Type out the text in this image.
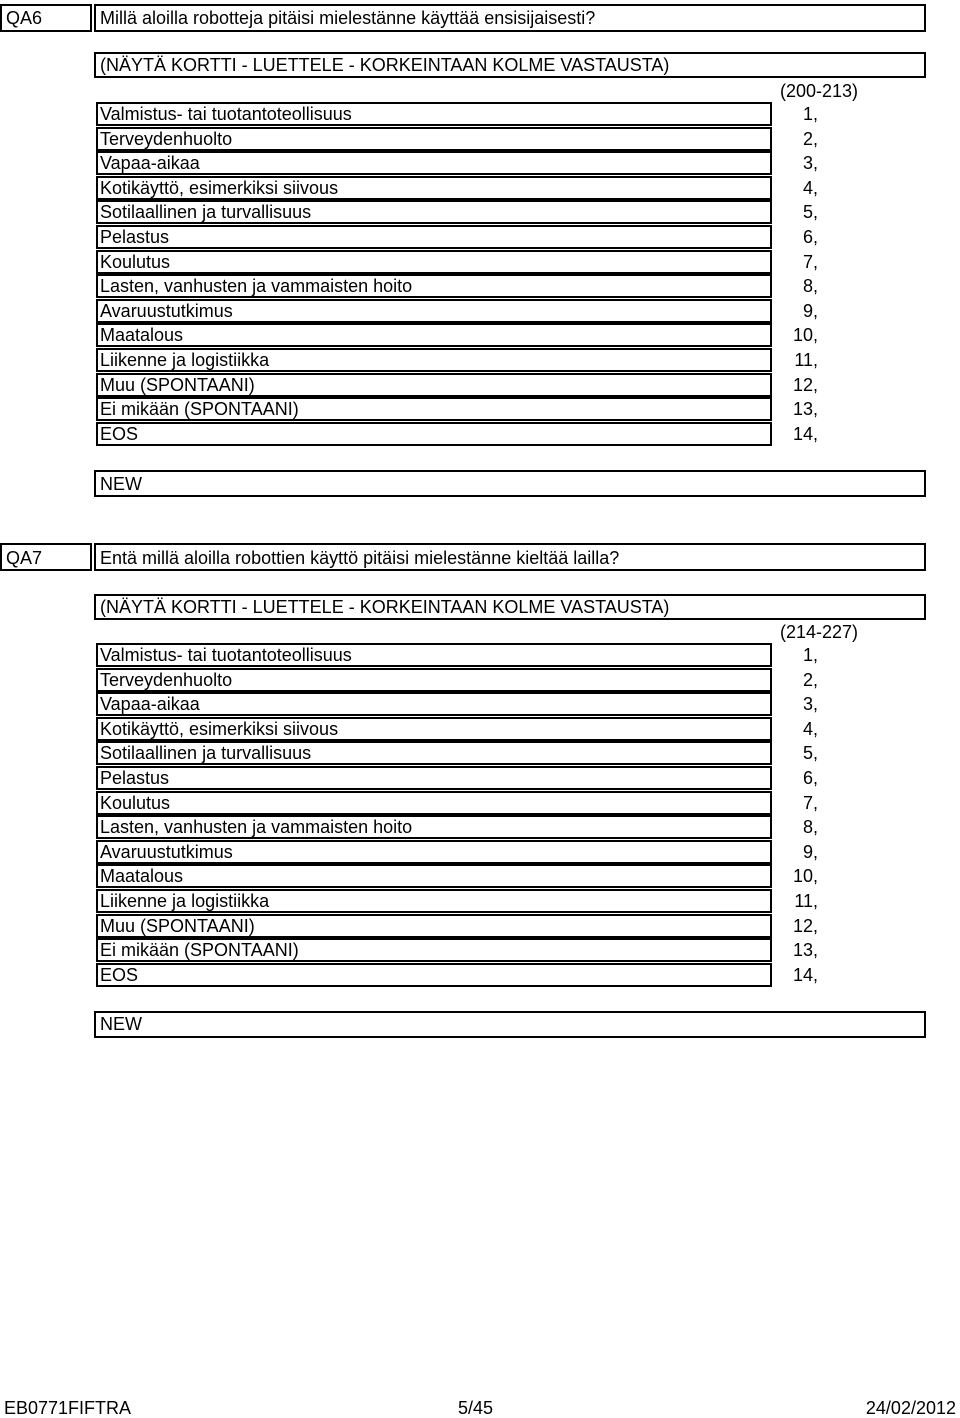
QA6	Millä aloilla robotteja pitäisi mielestänne käyttää ensisijaisesti?
(NÄYTÄ KORTTI - LUETTELE - KORKEINTAAN KOLME VASTAUSTA)
(200-213)
Valmistus- tai tuotantoteollisuus	1,
Terveydenhuolto	2,
Vapaa-aikaa	3,
Kotikäyttö, esimerkiksi siivous	4,
Sotilaallinen ja turvallisuus	5,
Pelastus	6,
Koulutus	7,
Lasten, vanhusten ja vammaisten hoito	8,
Avaruustutkimus	9,
Maatalous	10,
Liikenne ja logistiikka	11,
Muu (SPONTAANI)	12,
Ei mikään (SPONTAANI)	13,
EOS	14,
NEW
QA7	Entä millä aloilla robottien käyttö pitäisi mielestänne kieltää lailla?
(NÄYTÄ KORTTI - LUETTELE - KORKEINTAAN KOLME VASTAUSTA)
(214-227)
Valmistus- tai tuotantoteollisuus	1,
Terveydenhuolto	2,
Vapaa-aikaa	3,
Kotikäyttö, esimerkiksi siivous	4,
Sotilaallinen ja turvallisuus	5,
Pelastus	6,
Koulutus	7,
Lasten, vanhusten ja vammaisten hoito	8,
Avaruustutkimus	9,
Maatalous	10,
Liikenne ja logistiikka	11,
Muu (SPONTAANI)	12,
Ei mikään (SPONTAANI)	13,
EOS	14,
NEW
EB0771FIFTRA	5/45	24/02/2012
